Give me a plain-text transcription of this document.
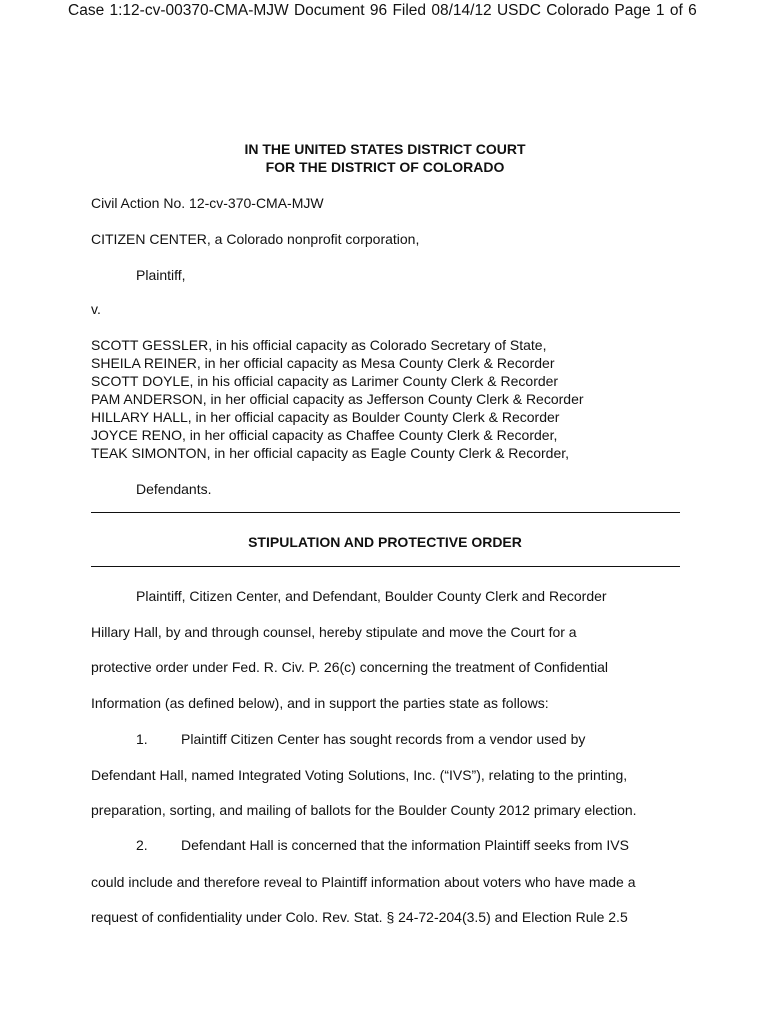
Case 1:12-cv-00370-CMA-MJW Document 96 Filed 08/14/12 USDC Colorado Page 1 of 6
IN THE UNITED STATES DISTRICT COURT
FOR THE DISTRICT OF COLORADO
Civil Action No. 12-cv-370-CMA-MJW
CITIZEN CENTER, a Colorado nonprofit corporation,
Plaintiff,
v.
SCOTT GESSLER, in his official capacity as Colorado Secretary of State,
SHEILA REINER, in her official capacity as Mesa County Clerk & Recorder
SCOTT DOYLE, in his official capacity as Larimer County Clerk & Recorder
PAM ANDERSON, in her official capacity as Jefferson County Clerk & Recorder
HILLARY HALL, in her official capacity as Boulder County Clerk & Recorder
JOYCE RENO, in her official capacity as Chaffee County Clerk & Recorder,
TEAK SIMONTON, in her official capacity as Eagle County Clerk & Recorder,
Defendants.
STIPULATION AND PROTECTIVE ORDER
Plaintiff, Citizen Center, and Defendant, Boulder County Clerk and Recorder
Hillary Hall, by and through counsel, hereby stipulate and move the Court for a
protective order under Fed. R. Civ. P. 26(c) concerning the treatment of Confidential
Information (as defined below), and in support the parties state as follows:
1. Plaintiff Citizen Center has sought records from a vendor used by
Defendant Hall, named Integrated Voting Solutions, Inc. (“IVS”), relating to the printing,
preparation, sorting, and mailing of ballots for the Boulder County 2012 primary election.
2. Defendant Hall is concerned that the information Plaintiff seeks from IVS
could include and therefore reveal to Plaintiff information about voters who have made a
request of confidentiality under Colo. Rev. Stat. § 24-72-204(3.5) and Election Rule 2.5
